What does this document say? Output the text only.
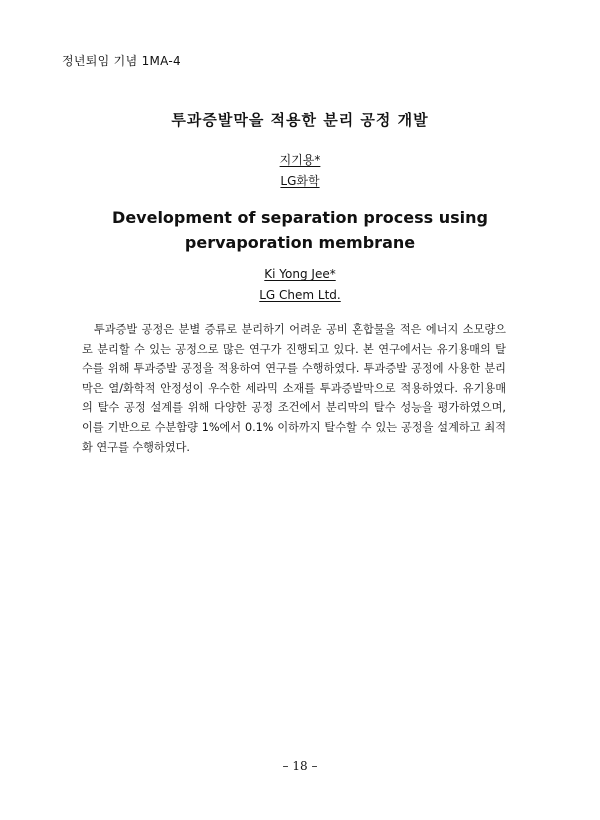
정년퇴임 기념 1MA-4
투과증발막을 적용한 분리 공정 개발
지기용*
LG화학
Development of separation process using pervaporation membrane
Ki Yong Jee*
LG Chem Ltd.
투과증발 공정은 분별 증류로 분리하기 어려운 공비 혼합물을 적은 에너지 소모량으로 분리할 수 있는 공정으로 많은 연구가 진행되고 있다. 본 연구에서는 유기용매의 탈수를 위해 투과증발 공정을 적용하여 연구를 수행하였다. 투과증발 공정에 사용한 분리막은 열/화학적 안정성이 우수한 세라믹 소재를 투과증발막으로 적용하였다. 유기용매의 탈수 공정 설계를 위해 다양한 공정 조건에서 분리막의 탈수 성능을 평가하였으며, 이를 기반으로 수분함량 1%에서 0.1% 이하까지 탈수할 수 있는 공정을 설계하고 최적화 연구를 수행하였다.
– 18 –
